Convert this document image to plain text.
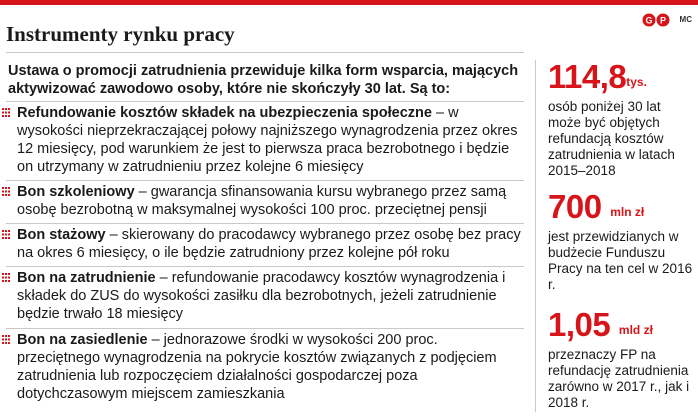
Instrumenty rynku pracy
G P MC

Ustawa o promocji zatrudnienia przewiduje kilka form wsparcia, mających aktywizować zawodowo osoby, które nie skończyły 30 lat. Są to:

Refundowanie kosztów składek na ubezpieczenia społeczne – w wysokości nieprzekraczającej połowy najniższego wynagrodzenia przez okres 12 miesięcy, pod warunkiem że jest to pierwsza praca bezrobotnego i będzie on utrzymany w zatrudnieniu przez kolejne 6 miesięcy

Bon szkoleniowy – gwarancja sfinansowania kursu wybranego przez samą osobę bezrobotną w maksymalnej wysokości 100 proc. przeciętnej pensji

Bon stażowy – skierowany do pracodawcy wybranego przez osobę bez pracy na okres 6 miesięcy, o ile będzie zatrudniony przez kolejne pół roku

Bon na zatrudnienie – refundowanie pracodawcy kosztów wynagrodzenia i składek do ZUS do wysokości zasiłku dla bezrobotnych, jeżeli zatrudnienie będzie trwało 18 miesięcy

Bon na zasiedlenie – jednorazowe środki w wysokości 200 proc. przeciętnego wynagrodzenia na pokrycie kosztów związanych z podjęciem zatrudnienia lub rozpoczęciem działalności gospodarczej poza dotychczasowym miejscem zamieszkania

114,8tys.

osób poniżej 30 lat może być objętych refundacją kosztów zatrudnienia w latach 2015–2018

700 mln zł

jest przewidzianych w budżecie Funduszu Pracy na ten cel w 2016 r.

1,05 mld zł

przeznaczy FP na refundację zatrudnienia zarówno w 2017 r., jak i 2018 r.
